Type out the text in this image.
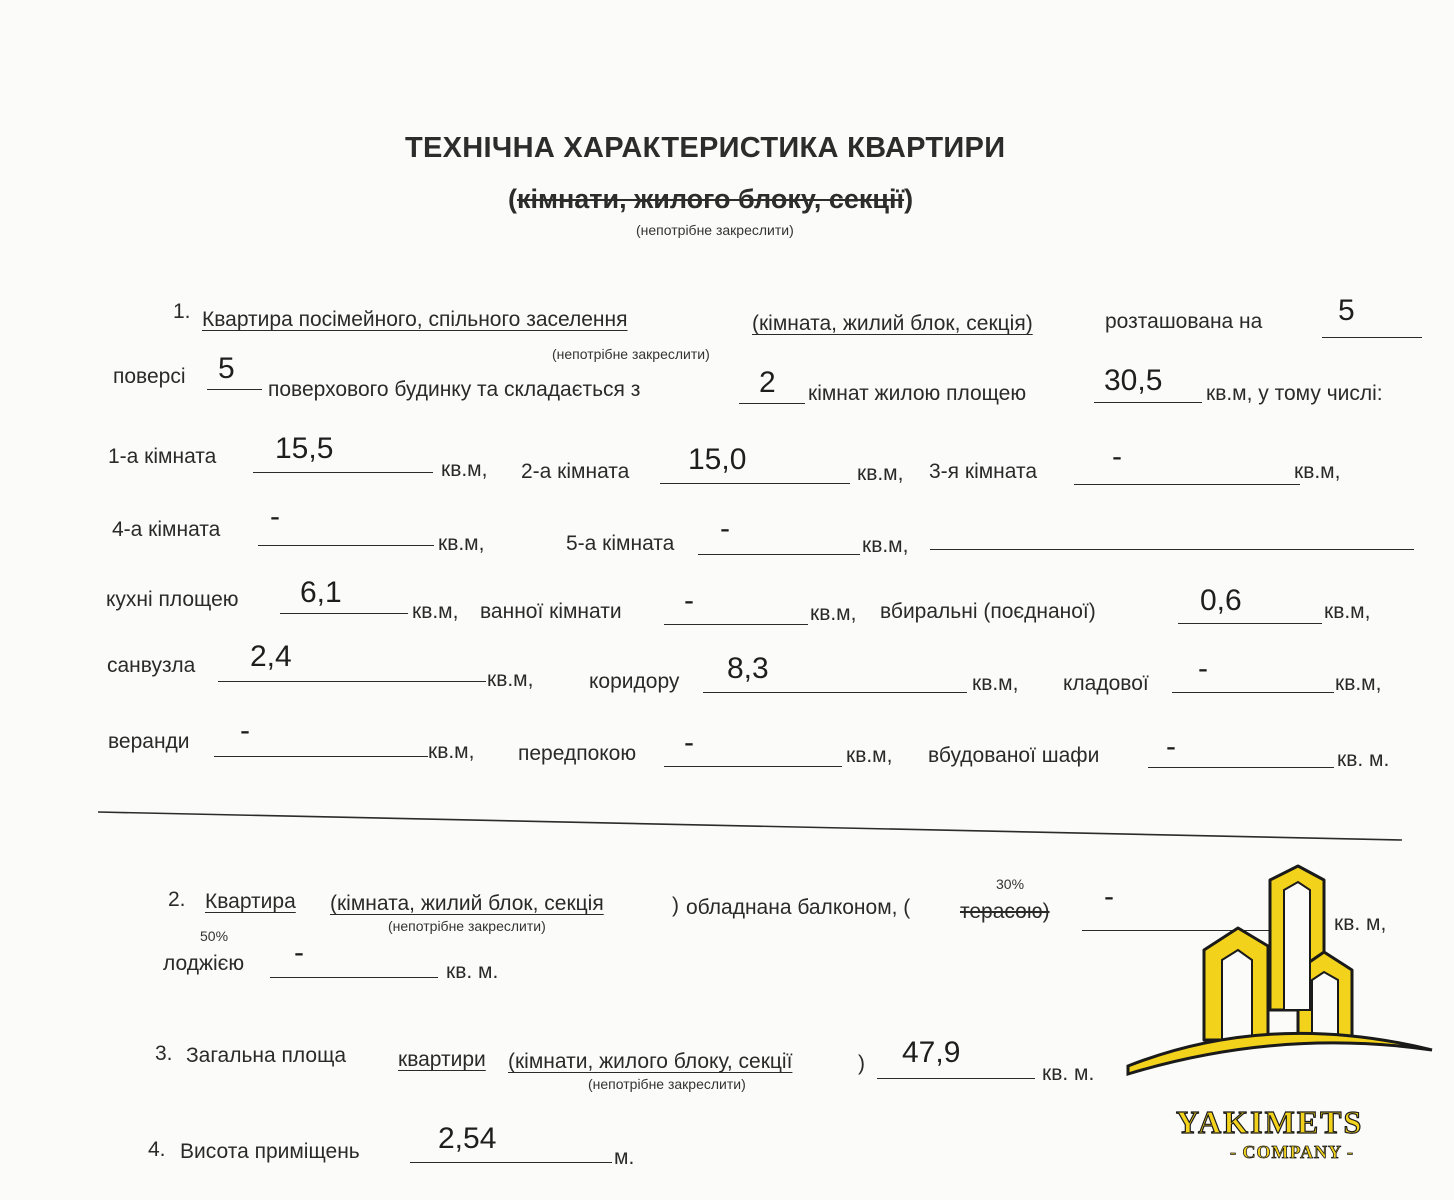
ТЕХНІЧНА ХАРАКТЕРИСТИКА КВАРТИРИ
(кімнати, жилого блоку, секції)
(непотрібне закреслити)
1. Квартира посімейного, спільного заселення	(кімната, жилий блок, секція)	розташована на	5
(непотрібне закреслити)
поверсі 5
поверхового будинку та складається з	2 кімнат жилою площею	30,5 кв.м, у тому числі:
1-а кімната 15,5
кв.м, 2-а кімната 15,0	кв.м, 3-я кімната -	кв.м,
4-а кімната -
кв.м,	5-а кімната -
кв.м,
кухні площею 6,1
кв.м, ванної кімнати -	кв.м, вбиральні (поєднаної)	0,6	кв.м,
санвузла 2,4
кв.м,	коридору 8,3	кв.м, кладової -	кв.м,
веранди -
кв.м, передпокою -	кв.м, вбудованої шафи -	кв. м.
30%
2. Квартира (кімната, жилий блок, секція	) обладнана балконом, ( терасою) -
кв. м,
50%
(непотрібне закреслити)
лоджією -
кв. м.
3. Загальна площа квартири (кімнати, жилого блоку, секції	)
(непотрібне закреслити)
47,9
кв. м.
4. Висота приміщень	2,54
м.
YAKIMETS
- COMPANY -
